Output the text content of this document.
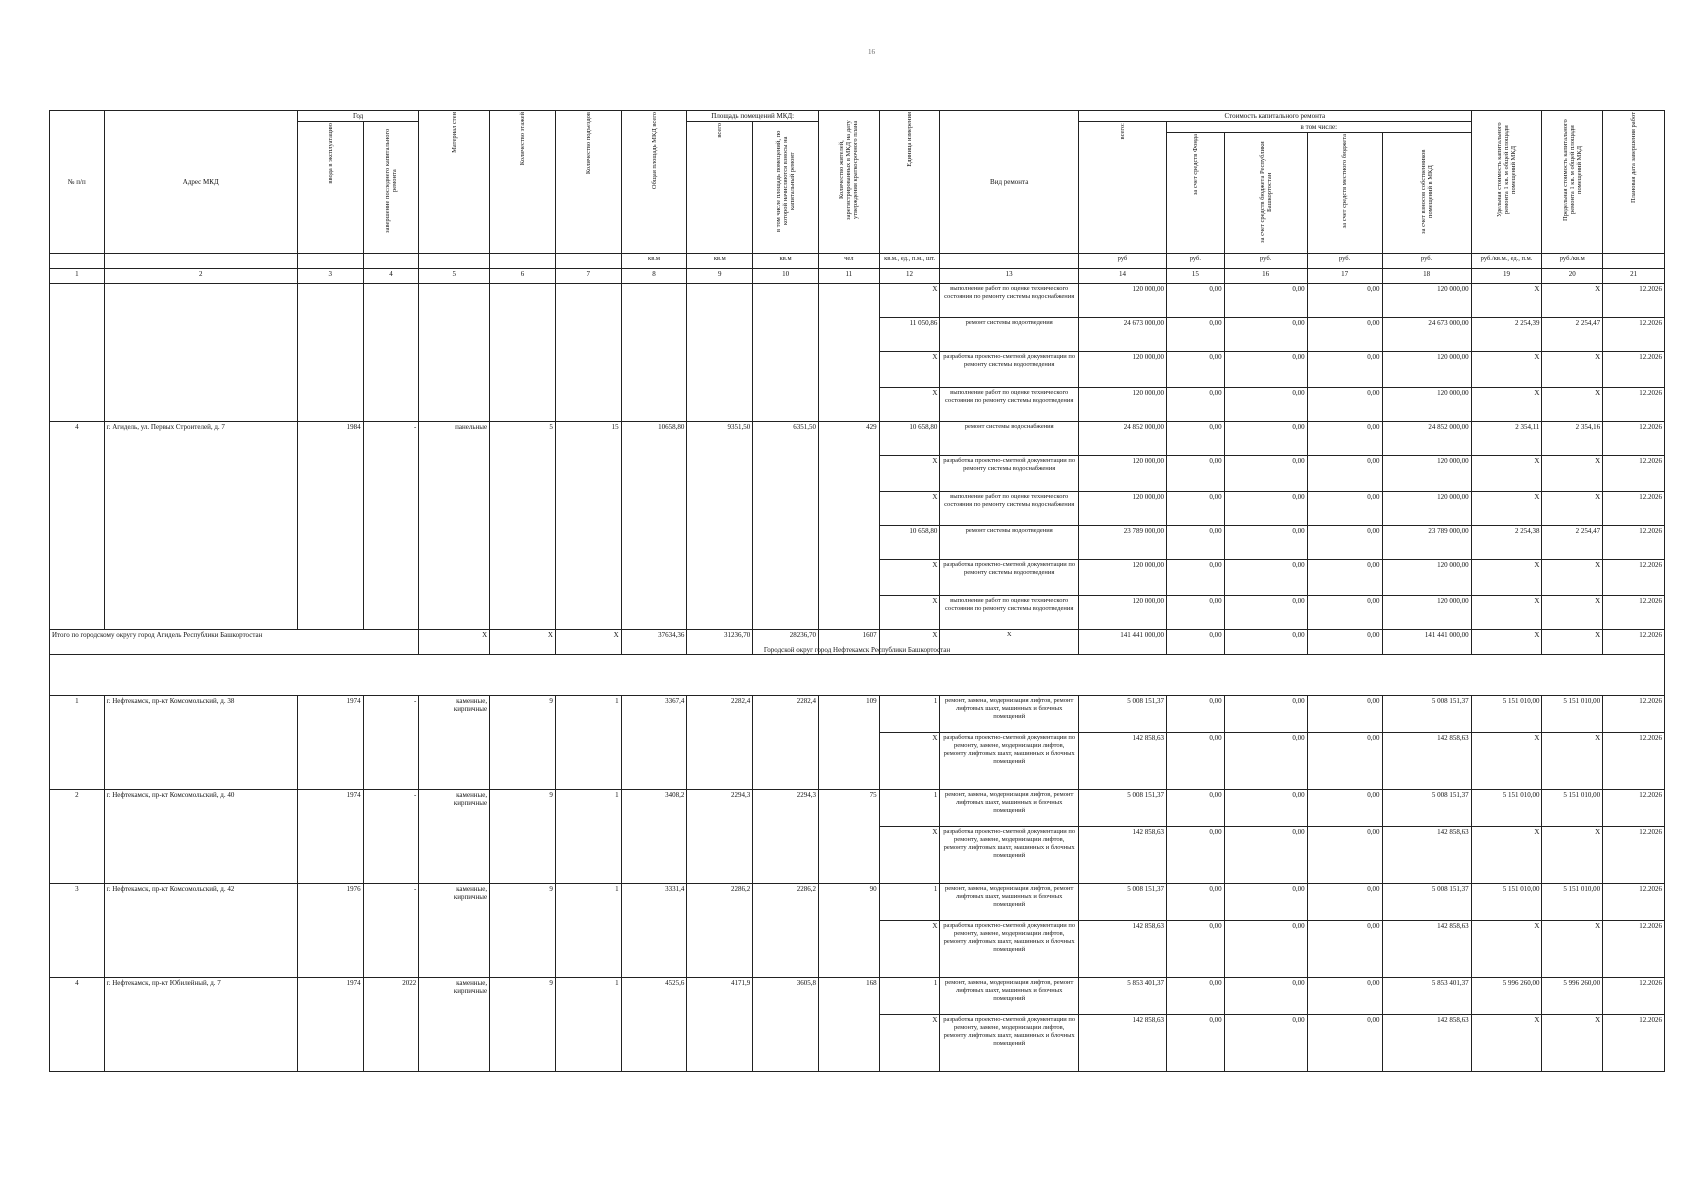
16
№ п/п	Адрес МКД	Год		Материал стен	Количество этажей	Количество подъездов	Общая площадь МКД всего	Площадь помещений МКД:		Количество жителей, зарегистрированных в МКД на дату утверждения краткосрочного плана	Единица измерения	Вид ремонта	Стоимость капитального ремонта					Удельная стоимость капитального ремонта 1 кв. м общей площади помещений МКД	Предельная стоимость капитального ремонта 1 кв. м общей площади помещений МКД	Плановая дата завершения работ

		ввода в эксплуатацию	завершение последнего капитального ремонта					всего	в том числе площадь помещений, по которой начисляются взносы на капитальный ремонт				всего:	в том числе:						

														за счет средств Фонда	за счет средств бюджета Республики Башкортостан	за счет средств местного бюджета	за счет взносов собственников помещений в МКД			

							кв.м	кв.м	кв.м	чел	кв.м., ед., п.м., шт.		руб	руб.	руб.	руб.	руб.	руб./кв.м., ед., п.м.	руб./кв.м	
1	2	3	4	5	6	7	8	9	10	11	12	13	14	15	16	17	18	19	20	21
											X	выполнение работ по оценке технического состояния по ремонту системы водоснабжения	120 000,00	0,00	0,00	0,00	120 000,00	X	X	12.2026
											11 050,86	ремонт системы водоотведения	24 673 000,00	0,00	0,00	0,00	24 673 000,00	2 254,39	2 254,47	12.2026
											X	разработка проектно-сметной документации по ремонту системы водоотведения	120 000,00	0,00	0,00	0,00	120 000,00	X	X	12.2026
											X	выполнение работ по оценке технического состояния по ремонту системы водоотведения	120 000,00	0,00	0,00	0,00	120 000,00	X	X	12.2026
4	г. Агидель, ул. Первых Строителей, д. 7	1984	-	панельные	5	15	10658,80	9351,50	6351,50	429	10 658,80	ремонт системы водоснабжения	24 852 000,00	0,00	0,00	0,00	24 852 000,00	2 354,11	2 354,16	12.2026
											X	разработка проектно-сметной документации по ремонту системы водоснабжения	120 000,00	0,00	0,00	0,00	120 000,00	X	X	12.2026
											X	выполнение работ по оценке технического состояния по ремонту системы водоснабжения	120 000,00	0,00	0,00	0,00	120 000,00	X	X	12.2026
											10 658,80	ремонт системы водоотведения	23 789 000,00	0,00	0,00	0,00	23 789 000,00	2 254,38	2 254,47	12.2026
											X	разработка проектно-сметной документации по ремонту системы водоотведения	120 000,00	0,00	0,00	0,00	120 000,00	X	X	12.2026
											X	выполнение работ по оценке технического состояния по ремонту системы водоотведения	120 000,00	0,00	0,00	0,00	120 000,00	X	X	12.2026
Итого по городскому округу город Агидель Республики Башкортостан				X	X	X	37634,36	31236,70	28236,70	1607	X	X	141 441 000,00	0,00	0,00	0,00	141 441 000,00	X	X	12.2026
Городской округ город Нефтекамск Республики Башкортостан																				
1	г. Нефтекамск, пр-кт Комсомольский, д. 38	1974	-	каменные, кирпичные	9	1	3367,4	2282,4	2282,4	109	1	ремонт, замена, модернизация лифтов, ремонт лифтовых шахт, машинных и блочных помещений	5 008 151,37	0,00	0,00	0,00	5 008 151,37	5 151 010,00	5 151 010,00	12.2026
											X	разработка проектно-сметной документации по ремонту, замене, модернизации лифтов, ремонту лифтовых шахт, машинных и блочных помещений	142 858,63	0,00	0,00	0,00	142 858,63	X	X	12.2026
2	г. Нефтекамск, пр-кт Комсомольский, д. 40	1974	-	каменные, кирпичные	9	1	3408,2	2294,3	2294,3	75	1	ремонт, замена, модернизация лифтов, ремонт лифтовых шахт, машинных и блочных помещений	5 008 151,37	0,00	0,00	0,00	5 008 151,37	5 151 010,00	5 151 010,00	12.2026
											X	разработка проектно-сметной документации по ремонту, замене, модернизации лифтов, ремонту лифтовых шахт, машинных и блочных помещений	142 858,63	0,00	0,00	0,00	142 858,63	X	X	12.2026
3	г. Нефтекамск, пр-кт Комсомольский, д. 42	1976	-	каменные, кирпичные	9	1	3331,4	2286,2	2286,2	90	1	ремонт, замена, модернизация лифтов, ремонт лифтовых шахт, машинных и блочных помещений	5 008 151,37	0,00	0,00	0,00	5 008 151,37	5 151 010,00	5 151 010,00	12.2026
											X	разработка проектно-сметной документации по ремонту, замене, модернизации лифтов, ремонту лифтовых шахт, машинных и блочных помещений	142 858,63	0,00	0,00	0,00	142 858,63	X	X	12.2026
4	г. Нефтекамск, пр-кт Юбилейный, д. 7	1974	2022	каменные, кирпичные	9	1	4525,6	4171,9	3605,8	168	1	ремонт, замена, модернизация лифтов, ремонт лифтовых шахт, машинных и блочных помещений	5 853 401,37	0,00	0,00	0,00	5 853 401,37	5 996 260,00	5 996 260,00	12.2026
											X	разработка проектно-сметной документации по ремонту, замене, модернизации лифтов, ремонту лифтовых шахт, машинных и блочных помещений	142 858,63	0,00	0,00	0,00	142 858,63	X	X	12.2026
